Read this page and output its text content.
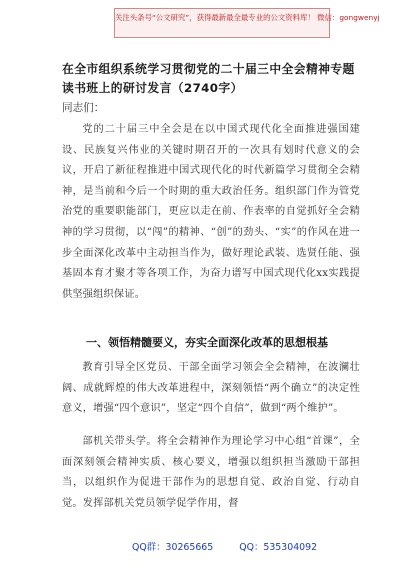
关注头条号“公文研究”，获得最新最全最专业的公文资料库！ 微信：gongwenyj
在全市组织系统学习贯彻党的二十届三中全会精神专题读书班上的研讨发言（2740字）
同志们：

党的二十届三中全会是在以中国式现代化全面推进强国建设、民族复兴伟业的关键时期召开的一次具有划时代意义的会议，开启了新征程推进中国式现代化的时代新篇学习贯彻全会精神，是当前和今后一个时期的重大政治任务。组织部门作为管党治党的重要职能部门，更应以走在前、作表率的自觉抓好全会精神的学习贯彻，以“闯”的精神、“创”的劲头、“实”的作风在进一步全面深化改革中主动担当作为，做好理论武装、选贤任能、强基固本育才聚才等各项工作，为奋力谱写中国式现代化xx实践提供坚强组织保证。

一、领悟精髓要义，夯实全面深化改革的思想根基

教育引导全区党员、干部全面学习领会全会精神，在波澜壮阔、成就辉煌的伟大改革进程中，深刻领悟“两个确立”的决定性意义，增强“四个意识”，坚定“四个自信”，做到“两个维护”。

部机关带头学。将全会精神作为理论学习中心组“首课”，全面深刻领会精神实质、核心要义，增强以组织担当激励干部担当，以组织作为促进干部作为的思想自觉、政治自觉、行动自觉。发挥部机关党员领学促学作用，督

QQ群：30265665	QQ：535304092
